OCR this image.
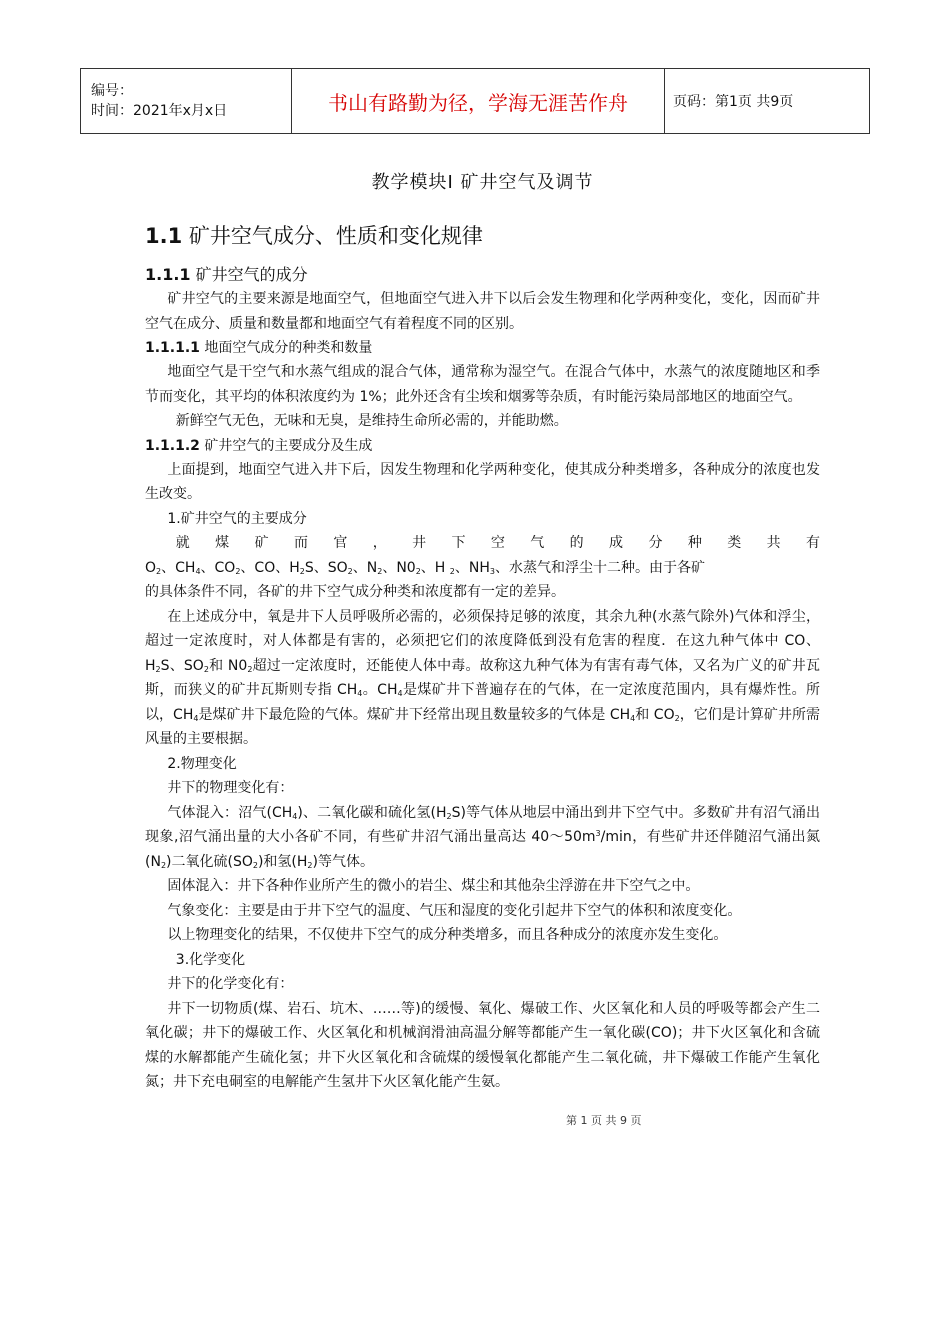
编号：
时间：2021年x月x日	书山有路勤为径，学海无涯苦作舟	页码：第1页 共9页
教学模块Ⅰ 矿井空气及调节
1.1 矿井空气成分、性质和变化规律
1.1.1 矿井空气的成分

矿井空气的主要来源是地面空气，但地面空气进入井下以后会发生物理和化学两种变化，变化，因而矿井空气在成分、质量和数量都和地面空气有着程度不同的区别。

1.1.1.1 地面空气成分的种类和数量

地面空气是干空气和水蒸气组成的混合气体，通常称为湿空气。在混合气体中，水蒸气的浓度随地区和季节而变化，其平均的体积浓度约为 1%；此外还含有尘埃和烟雾等杂质，有时能污染局部地区的地面空气。

新鲜空气无色，无味和无臭，是维持生命所必需的，并能助燃。

1.1.1.2 矿井空气的主要成分及生成

上面提到，地面空气进入井下后，因发生物理和化学两种变化，使其成分种类增多，各种成分的浓度也发生改变。

1.矿井空气的主要成分

就 煤 矿 而 官 ， 井 下 空 气 的 成 分 种 类 共 有

$O_2$、$CH_4$、$CO_2$、CO、$H_2S$、$SO_2$、$N_2$、$N0_2$、H $_2$、$NH_3$、水蒸气和浮尘十二种。由于各矿

的具体条件不同，各矿的井下空气成分种类和浓度都有一定的差异。

在上述成分中，氧是井下人员呼吸所必需的，必须保持足够的浓度，其余九种(水蒸气除外)气体和浮尘，超过一定浓度时，对人体都是有害的，必须把它们的浓度降低到没有危害的程度．在这九种气体中 CO、$H_2S$、$SO_2$和 $N0_2$超过一定浓度时，还能使人体中毒。故称这九种气体为有害有毒气体，又名为广义的矿井瓦斯，而狭义的矿井瓦斯则专指 $CH_4$。$CH_4$是煤矿井下普遍存在的气体，在一定浓度范围内，具有爆炸性。所以，$CH_4$是煤矿井下最危险的气体。煤矿井下经常出现且数量较多的气体是 $CH_4$和 $CO_2$，它们是计算矿井所需风量的主要根据。

2.物理变化

井下的物理变化有：

气体混入：沼气$(CH_4)$、二氧化碳和硫化氢$(H_2S)$等气体从地层中涌出到井下空气中。多数矿井有沼气涌出现象,沼气涌出量的大小各矿不同，有些矿井沼气涌出量高达 $40\sim 50m^3/\min$，有些矿井还伴随沼气涌出氮$(N_2)$二氧化硫$(SO_2)$和氢$(H_2)$等气体。

固体混入：井下各种作业所产生的微小的岩尘、煤尘和其他杂尘浮游在井下空气之中。

气象变化：主要是由于井下空气的温度、气压和湿度的变化引起井下空气的体积和浓度变化。

以上物理变化的结果，不仅使井下空气的成分种类增多，而且各种成分的浓度亦发生变化。

3.化学变化

井下的化学变化有：

井下一切物质(煤、岩石、坑木、……等)的缓慢、氧化、爆破工作、火区氧化和人员的呼吸等都会产生二氧化碳；井下的爆破工作、火区氧化和机械润滑油高温分解等都能产生一氧化碳(CO)；井下火区氧化和含硫煤的水解都能产生硫化氢；井下火区氧化和含硫煤的缓慢氧化都能产生二氧化硫，井下爆破工作能产生氧化氮；井下充电硐室的电解能产生氢井下火区氧化能产生氨。

第 1 页 共 9 页
